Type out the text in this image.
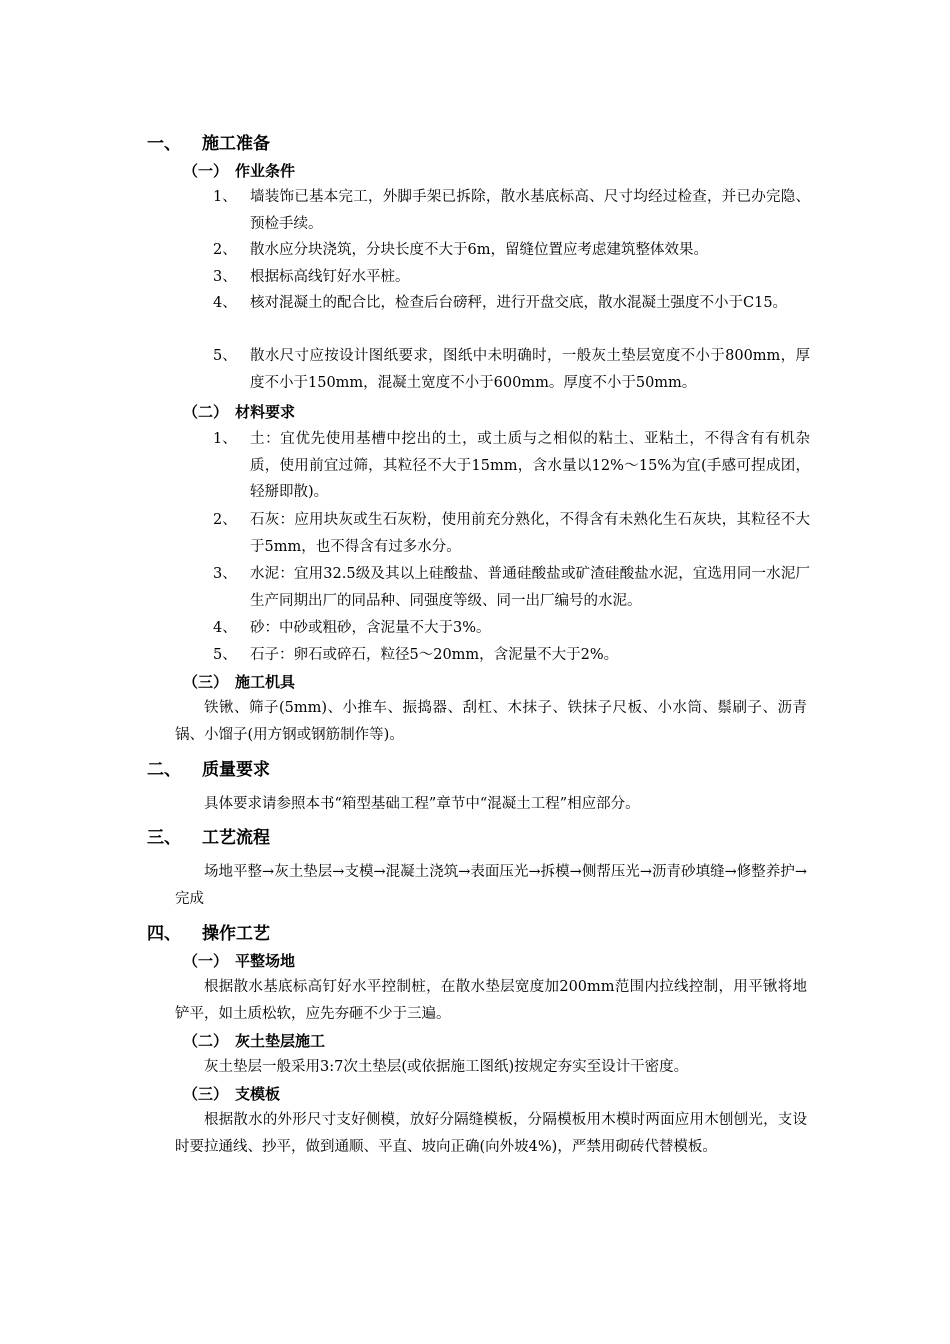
一、 施工准备
（一） 作业条件
1、 墙装饰已基本完工，外脚手架已拆除，散水基底标高、尺寸均经过检查，并已办完隐、预检手续。
2、 散水应分块浇筑，分块长度不大于6m，留缝位置应考虑建筑整体效果。
3、 根据标高线钉好水平桩。
4、 核对混凝土的配合比，检查后台磅秤，进行开盘交底，散水混凝土强度不小于C15。
5、 散水尺寸应按设计图纸要求，图纸中未明确时，一般灰土垫层宽度不小于800mm，厚度不小于150mm，混凝土宽度不小于600mm。厚度不小于50mm。
（二） 材料要求
1、 土：宜优先使用基槽中挖出的土，或土质与之相似的粘土、亚粘土，不得含有有机杂质，使用前宜过筛，其粒径不大于15mm，含水量以12%～15%为宜(手感可捏成团，轻掰即散)。
2、 石灰：应用块灰或生石灰粉，使用前充分熟化，不得含有未熟化生石灰块，其粒径不大于5mm，也不得含有过多水分。
3、 水泥：宜用32.5级及其以上硅酸盐、普通硅酸盐或矿渣硅酸盐水泥，宜选用同一水泥厂生产同期出厂的同品种、同强度等级、同一出厂编号的水泥。
4、 砂：中砂或粗砂，含泥量不大于3%。
5、 石子：卵石或碎石，粒径5～20mm，含泥量不大于2%。
（三） 施工机具
铁锹、筛子(5mm)、小推车、振捣器、刮杠、木抹子、铁抹子尺板、小水筒、鬃刷子、沥青锅、小馏子(用方钢或钢筋制作等)。
二、 质量要求
具体要求请参照本书“箱型基础工程”章节中“混凝土工程”相应部分。
三、 工艺流程
场地平整→灰土垫层→支模→混凝土浇筑→表面压光→拆模→侧帮压光→沥青砂填缝→修整养护→完成
四、 操作工艺
（一） 平整场地
根据散水基底标高钉好水平控制桩，在散水垫层宽度加200mm范围内拉线控制，用平锹将地铲平，如土质松软，应先夯砸不少于三遍。
（二） 灰土垫层施工
灰土垫层一般采用3:7次土垫层(或依据施工图纸)按规定夯实至设计干密度。
（三） 支模板
根据散水的外形尺寸支好侧模，放好分隔缝模板，分隔模板用木模时两面应用木刨刨光，支设时要拉通线、抄平，做到通顺、平直、坡向正确(向外坡4%)，严禁用砌砖代替模板。
